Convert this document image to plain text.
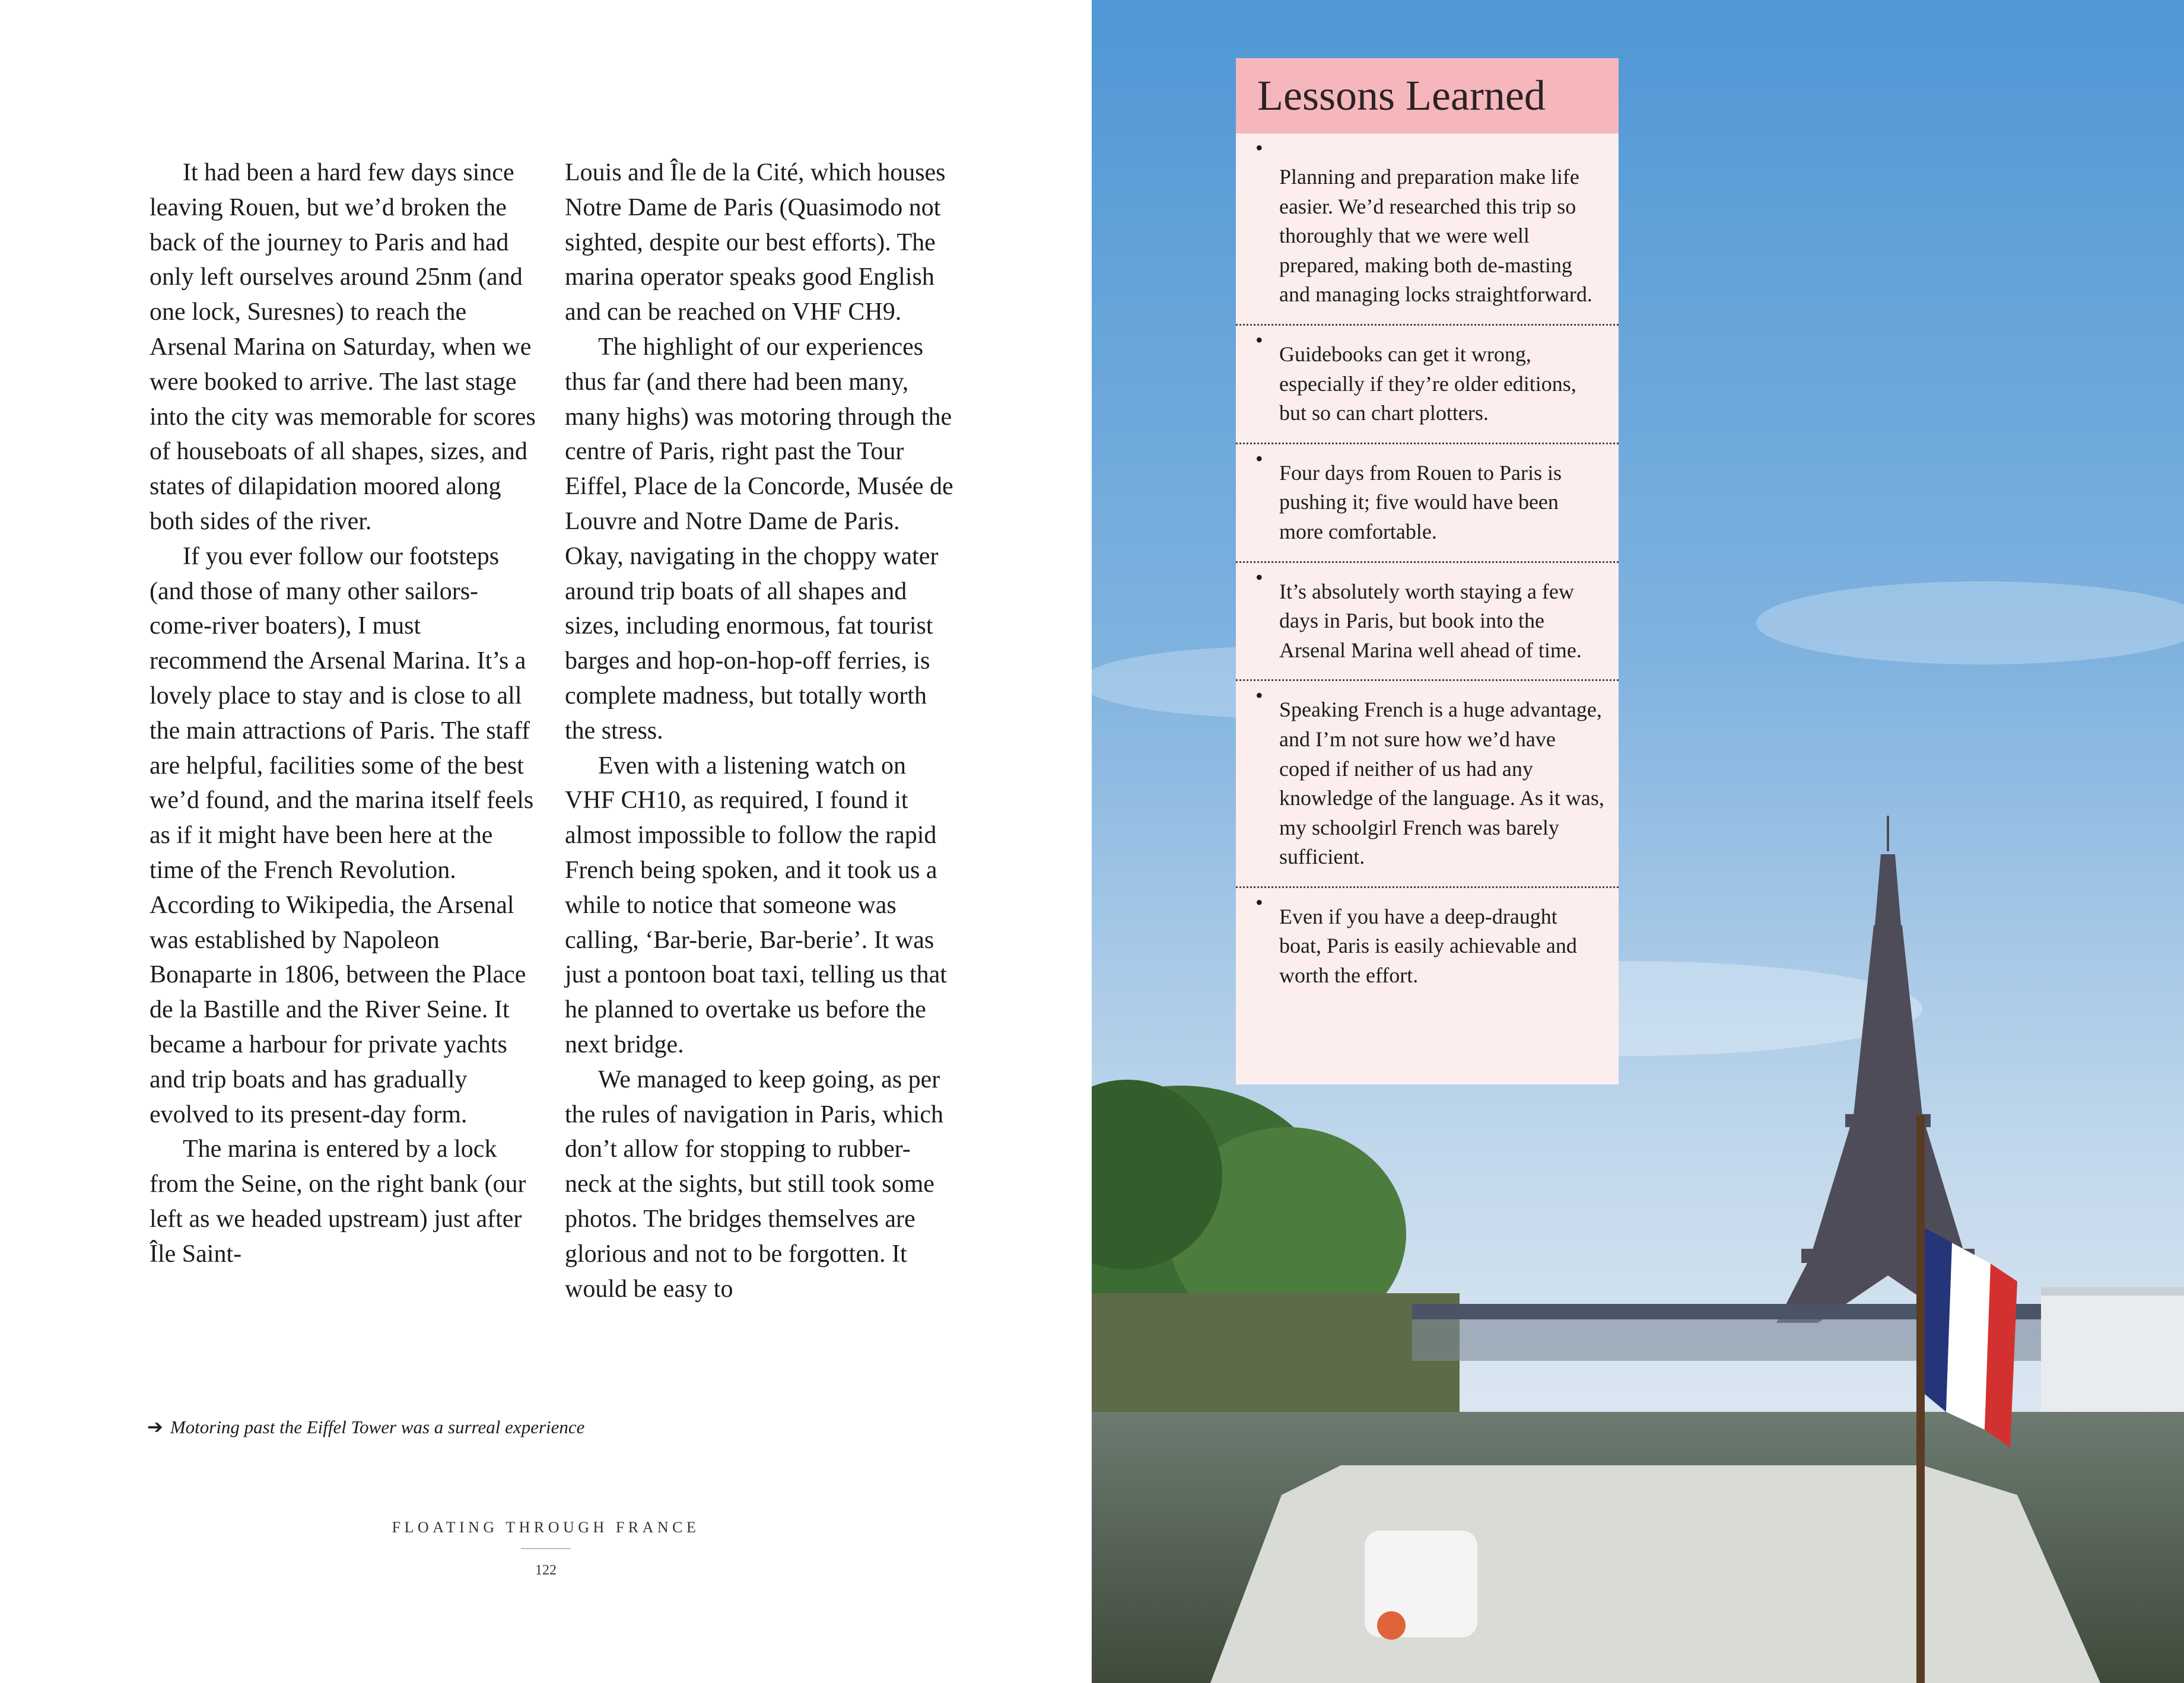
It had been a hard few days since leaving Rouen, but we’d broken the back of the journey to Paris and had only left ourselves around 25nm (and one lock, Suresnes) to reach the Arsenal Marina on Saturday, when we were booked to arrive. The last stage into the city was memorable for scores of houseboats of all shapes, sizes, and states of dilapidation moored along both sides of the river.

If you ever follow our footsteps (and those of many other sailors-come-river boaters), I must recommend the Arsenal Marina. It’s a lovely place to stay and is close to all the main attractions of Paris. The staff are helpful, facilities some of the best we’d found, and the marina itself feels as if it might have been here at the time of the French Revolution. According to Wikipedia, the Arsenal was established by Napoleon Bonaparte in 1806, between the Place de la Bastille and the River Seine. It became a harbour for private yachts and trip boats and has gradually evolved to its present-day form.

The marina is entered by a lock from the Seine, on the right bank (our left as we headed upstream) just after Île Saint-

Louis and Île de la Cité, which houses Notre Dame de Paris (Quasimodo not sighted, despite our best efforts). The marina operator speaks good English and can be reached on VHF CH9.

The highlight of our experiences thus far (and there had been many, many highs) was motoring through the centre of Paris, right past the Tour Eiffel, Place de la Concorde, Musée de Louvre and Notre Dame de Paris. Okay, navigating in the choppy water around trip boats of all shapes and sizes, including enormous, fat tourist barges and hop-on-hop-off ferries, is complete madness, but totally worth the stress.

Even with a listening watch on VHF CH10, as required, I found it almost impossible to follow the rapid French being spoken, and it took us a while to notice that someone was calling, ‘Bar-berie, Bar-berie’. It was just a pontoon boat taxi, telling us that he planned to overtake us before the next bridge.

We managed to keep going, as per the rules of navigation in Paris, which don’t allow for stopping to rubber-neck at the sights, but still took some photos. The bridges themselves are glorious and not to be forgotten. It would be easy to

➔ Motoring past the Eiffel Tower was a surreal experience
FLOATING THROUGH FRANCE
122
Lessons Learned
•
Planning and preparation make life easier. We’d researched this trip so thoroughly that we were well prepared, making both de-masting and managing locks straightforward.
•
Guidebooks can get it wrong, especially if they’re older editions, but so can chart plotters.
•
Four days from Rouen to Paris is pushing it; five would have been more comfortable.
•
It’s absolutely worth staying a few days in Paris, but book into the Arsenal Marina well ahead of time.
•
Speaking French is a huge advantage, and I’m not sure how we’d have coped if neither of us had any knowledge of the language. As it was, my schoolgirl French was barely sufficient.
•
Even if you have a deep-draught boat, Paris is easily achievable and worth the effort.
